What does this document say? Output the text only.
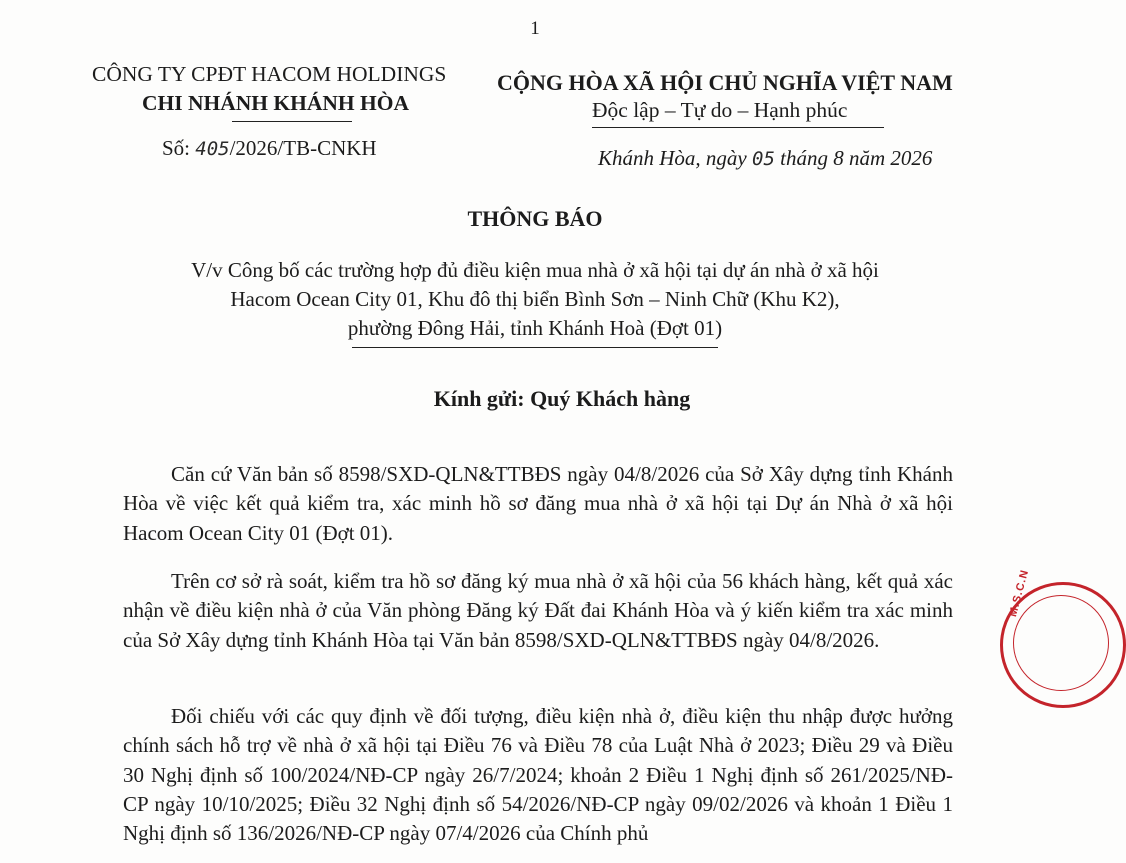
1
CÔNG TY CPĐT HACOM HOLDINGS
CHI NHÁNH KHÁNH HÒA
CỘNG HÒA XÃ HỘI CHỦ NGHĨA VIỆT NAM
Độc lập – Tự do – Hạnh phúc
Số: 405/2026/TB-CNKH	Khánh Hòa, ngày 05 tháng 8 năm 2026
THÔNG BÁO
V/v Công bố các trường hợp đủ điều kiện mua nhà ở xã hội tại dự án nhà ở xã hội
Hacom Ocean City 01, Khu đô thị biển Bình Sơn – Ninh Chữ (Khu K2),
phường Đông Hải, tỉnh Khánh Hoà (Đợt 01)
Kính gửi: Quý Khách hàng
Căn cứ Văn bản số 8598/SXD-QLN&TTBĐS ngày 04/8/2026 của Sở Xây dựng tỉnh Khánh Hòa về việc kết quả kiểm tra, xác minh hồ sơ đăng mua nhà ở xã hội tại Dự án Nhà ở xã hội Hacom Ocean City 01 (Đợt 01).
Trên cơ sở rà soát, kiểm tra hồ sơ đăng ký mua nhà ở xã hội của 56 khách hàng, kết quả xác nhận về điều kiện nhà ở của Văn phòng Đăng ký Đất đai Khánh Hòa và ý kiến kiểm tra xác minh của Sở Xây dựng tỉnh Khánh Hòa tại Văn bản 8598/SXD-QLN&TTBĐS ngày 04/8/2026.
Đối chiếu với các quy định về đối tượng, điều kiện nhà ở, điều kiện thu nhập được hưởng chính sách hỗ trợ về nhà ở xã hội tại Điều 76 và Điều 78 của Luật Nhà ở 2023; Điều 29 và Điều 30 Nghị định số 100/2024/NĐ-CP ngày 26/7/2024; khoản 2 Điều 1 Nghị định số 261/2025/NĐ-CP ngày 10/10/2025; Điều 32 Nghị định số 54/2026/NĐ-CP ngày 09/02/2026 và khoản 1 Điều 1 Nghị định số 136/2026/NĐ-CP ngày 07/4/2026 của Chính phủ
M.S.C.N
